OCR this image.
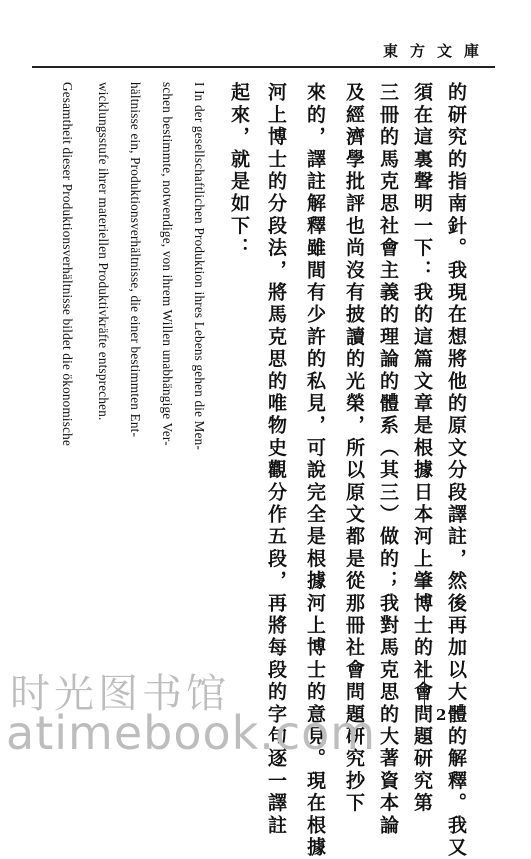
東方文庫
的研究的指南針。我現在想將他的原文分段譯註，然後再加以大體的解釋。我又
須在這裏聲明一下：我的這篇文章是根據日本河上肇博士的社會問題研究第
三冊的馬克思社會主義的理論的體系（其三）做的；我對馬克思的大著資本論
及經濟學批評也尚沒有披讀的光榮，所以原文都是從那冊社會問題研究抄下
來的，譯註解釋雖間有少許的私見，可說完全是根據河上博士的意見。現在根據
河上博士的分段法，將馬克思的唯物史觀分作五段，再將每段的字句逐一譯註
起來，就是如下：
I In der gesellschaftlichen Produktion ihres Lebens gehen die Men-
schen bestimmte, notwendige, von ihrem Willen unabhängige Ver-
hältnisse ein, Produktionsverhältnisse, die einer bestimmten Ent-
wicklungsstufe ihrer materiellen Produktivkräfte entsprechen.
Gesamtheit dieser Produktionsverhältnisse bildet die ökonomische
2
时光图书馆
atimebook.com
